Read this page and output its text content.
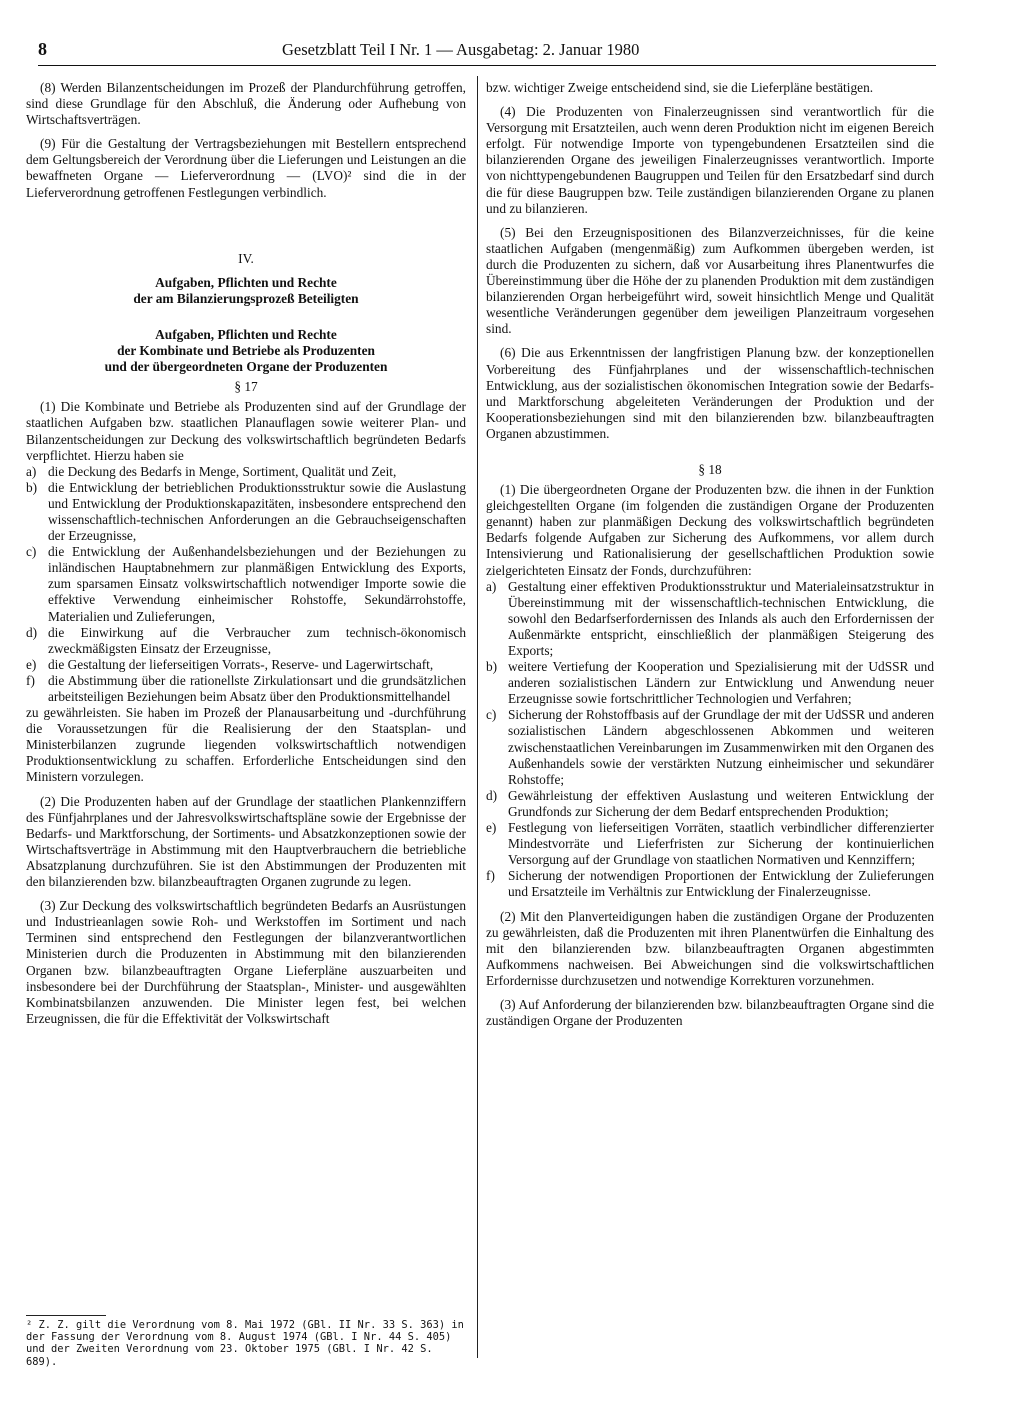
8	Gesetzblatt Teil I Nr. 1 — Ausgabetag: 2. Januar 1980

(8) Werden Bilanzentscheidungen im Prozeß der Plandurchführung getroffen, sind diese Grundlage für den Abschluß, die Änderung oder Aufhebung von Wirtschaftsverträgen.

(9) Für die Gestaltung der Vertragsbeziehungen mit Bestellern entsprechend dem Geltungsbereich der Verordnung über die Lieferungen und Leistungen an die bewaffneten Organe — Lieferverordnung — (LVO)² sind die in der Lieferverordnung getroffenen Festlegungen verbindlich.

IV.

Aufgaben, Pflichten und Rechte

der am Bilanzierungsprozeß Beteiligten

Aufgaben, Pflichten und Rechte

der Kombinate und Betriebe als Produzenten

und der übergeordneten Organe der Produzenten

§ 17

(1) Die Kombinate und Betriebe als Produzenten sind auf der Grundlage der staatlichen Aufgaben bzw. staatlichen Planauflagen sowie weiterer Plan- und Bilanzentscheidungen zur Deckung des volkswirtschaftlich begründeten Bedarfs verpflichtet. Hierzu haben sie

a) die Deckung des Bedarfs in Menge, Sortiment, Qualität und Zeit,
b) die Entwicklung der betrieblichen Produktionsstruktur sowie die Auslastung und Entwicklung der Produktionskapazitäten, insbesondere entsprechend den wissenschaftlich-technischen Anforderungen an die Gebrauchseigenschaften der Erzeugnisse,
c) die Entwicklung der Außenhandelsbeziehungen und der Beziehungen zu inländischen Hauptabnehmern zur planmäßigen Entwicklung des Exports, zum sparsamen Einsatz volkswirtschaftlich notwendiger Importe sowie die effektive Verwendung einheimischer Rohstoffe, Sekundärrohstoffe, Materialien und Zulieferungen,
d) die Einwirkung auf die Verbraucher zum technisch-ökonomisch zweckmäßigsten Einsatz der Erzeugnisse,
e) die Gestaltung der lieferseitigen Vorrats-, Reserve- und Lagerwirtschaft,
f) die Abstimmung über die rationellste Zirkulationsart und die grundsätzlichen arbeitsteiligen Beziehungen beim Absatz über den Produktionsmittelhandel

zu gewährleisten. Sie haben im Prozeß der Planausarbeitung und -durchführung die Voraussetzungen für die Realisierung der den Staatsplan- und Ministerbilanzen zugrunde liegenden volkswirtschaftlich notwendigen Produktionsentwicklung zu schaffen. Erforderliche Entscheidungen sind den Ministern vorzulegen.

(2) Die Produzenten haben auf der Grundlage der staatlichen Plankennziffern des Fünfjahrplanes und der Jahresvolkswirtschaftspläne sowie der Ergebnisse der Bedarfs- und Marktforschung, der Sortiments- und Absatzkonzeptionen sowie der Wirtschaftsverträge in Abstimmung mit den Hauptverbrauchern die betriebliche Absatzplanung durchzuführen. Sie ist den Abstimmungen der Produzenten mit den bilanzierenden bzw. bilanzbeauftragten Organen zugrunde zu legen.

(3) Zur Deckung des volkswirtschaftlich begründeten Bedarfs an Ausrüstungen und Industrieanlagen sowie Roh- und Werkstoffen im Sortiment und nach Terminen sind entsprechend den Festlegungen der bilanzverantwortlichen Ministerien durch die Produzenten in Abstimmung mit den bilanzierenden Organen bzw. bilanzbeauftragten Organe Lieferpläne auszuarbeiten und insbesondere bei der Durchführung der Staatsplan-, Minister- und ausgewählten Kombinatsbilanzen anzuwenden. Die Minister legen fest, bei welchen Erzeugnissen, die für die Effektivität der Volkswirtschaft

² Z. Z. gilt die Verordnung vom 8. Mai 1972 (GBl. II Nr. 33 S. 363) in der Fassung der Verordnung vom 8. August 1974 (GBl. I Nr. 44 S. 405) und der Zweiten Verordnung vom 23. Oktober 1975 (GBl. I Nr. 42 S. 689).

bzw. wichtiger Zweige entscheidend sind, sie die Lieferpläne bestätigen.

(4) Die Produzenten von Finalerzeugnissen sind verantwortlich für die Versorgung mit Ersatzteilen, auch wenn deren Produktion nicht im eigenen Bereich erfolgt. Für notwendige Importe von typengebundenen Ersatzteilen sind die bilanzierenden Organe des jeweiligen Finalerzeugnisses verantwortlich. Importe von nichttypengebundenen Baugruppen und Teilen für den Ersatzbedarf sind durch die für diese Baugruppen bzw. Teile zuständigen bilanzierenden Organe zu planen und zu bilanzieren.

(5) Bei den Erzeugnispositionen des Bilanzverzeichnisses, für die keine staatlichen Aufgaben (mengenmäßig) zum Aufkommen übergeben werden, ist durch die Produzenten zu sichern, daß vor Ausarbeitung ihres Planentwurfes die Übereinstimmung über die Höhe der zu planenden Produktion mit dem zuständigen bilanzierenden Organ herbeigeführt wird, soweit hinsichtlich Menge und Qualität wesentliche Veränderungen gegenüber dem jeweiligen Planzeitraum vorgesehen sind.

(6) Die aus Erkenntnissen der langfristigen Planung bzw. der konzeptionellen Vorbereitung des Fünfjahrplanes und der wissenschaftlich-technischen Entwicklung, aus der sozialistischen ökonomischen Integration sowie der Bedarfs- und Marktforschung abgeleiteten Veränderungen der Produktion und der Kooperationsbeziehungen sind mit den bilanzierenden bzw. bilanzbeauftragten Organen abzustimmen.

§ 18

(1) Die übergeordneten Organe der Produzenten bzw. die ihnen in der Funktion gleichgestellten Organe (im folgenden die zuständigen Organe der Produzenten genannt) haben zur planmäßigen Deckung des volkswirtschaftlich begründeten Bedarfs folgende Aufgaben zur Sicherung des Aufkommens, vor allem durch Intensivierung und Rationalisierung der gesellschaftlichen Produktion sowie zielgerichteten Einsatz der Fonds, durchzuführen:

a) Gestaltung einer effektiven Produktionsstruktur und Materialeinsatzstruktur in Übereinstimmung mit der wissenschaftlich-technischen Entwicklung, die sowohl den Bedarfserfordernissen des Inlands als auch den Erfordernissen der Außenmärkte entspricht, einschließlich der planmäßigen Steigerung des Exports;
b) weitere Vertiefung der Kooperation und Spezialisierung mit der UdSSR und anderen sozialistischen Ländern zur Entwicklung und Anwendung neuer Erzeugnisse sowie fortschrittlicher Technologien und Verfahren;
c) Sicherung der Rohstoffbasis auf der Grundlage der mit der UdSSR und anderen sozialistischen Ländern abgeschlossenen Abkommen und weiteren zwischenstaatlichen Vereinbarungen im Zusammenwirken mit den Organen des Außenhandels sowie der verstärkten Nutzung einheimischer und sekundärer Rohstoffe;
d) Gewährleistung der effektiven Auslastung und weiteren Entwicklung der Grundfonds zur Sicherung der dem Bedarf entsprechenden Produktion;
e) Festlegung von lieferseitigen Vorräten, staatlich verbindlicher differenzierter Mindestvorräte und Lieferfristen zur Sicherung der kontinuierlichen Versorgung auf der Grundlage von staatlichen Normativen und Kennziffern;
f) Sicherung der notwendigen Proportionen der Entwicklung der Zulieferungen und Ersatzteile im Verhältnis zur Entwicklung der Finalerzeugnisse.

(2) Mit den Planverteidigungen haben die zuständigen Organe der Produzenten zu gewährleisten, daß die Produzenten mit ihren Planentwürfen die Einhaltung des mit den bilanzierenden bzw. bilanzbeauftragten Organen abgestimmten Aufkommens nachweisen. Bei Abweichungen sind die volkswirtschaftlichen Erfordernisse durchzusetzen und notwendige Korrekturen vorzunehmen.

(3) Auf Anforderung der bilanzierenden bzw. bilanzbeauftragten Organe sind die zuständigen Organe der Produzenten
